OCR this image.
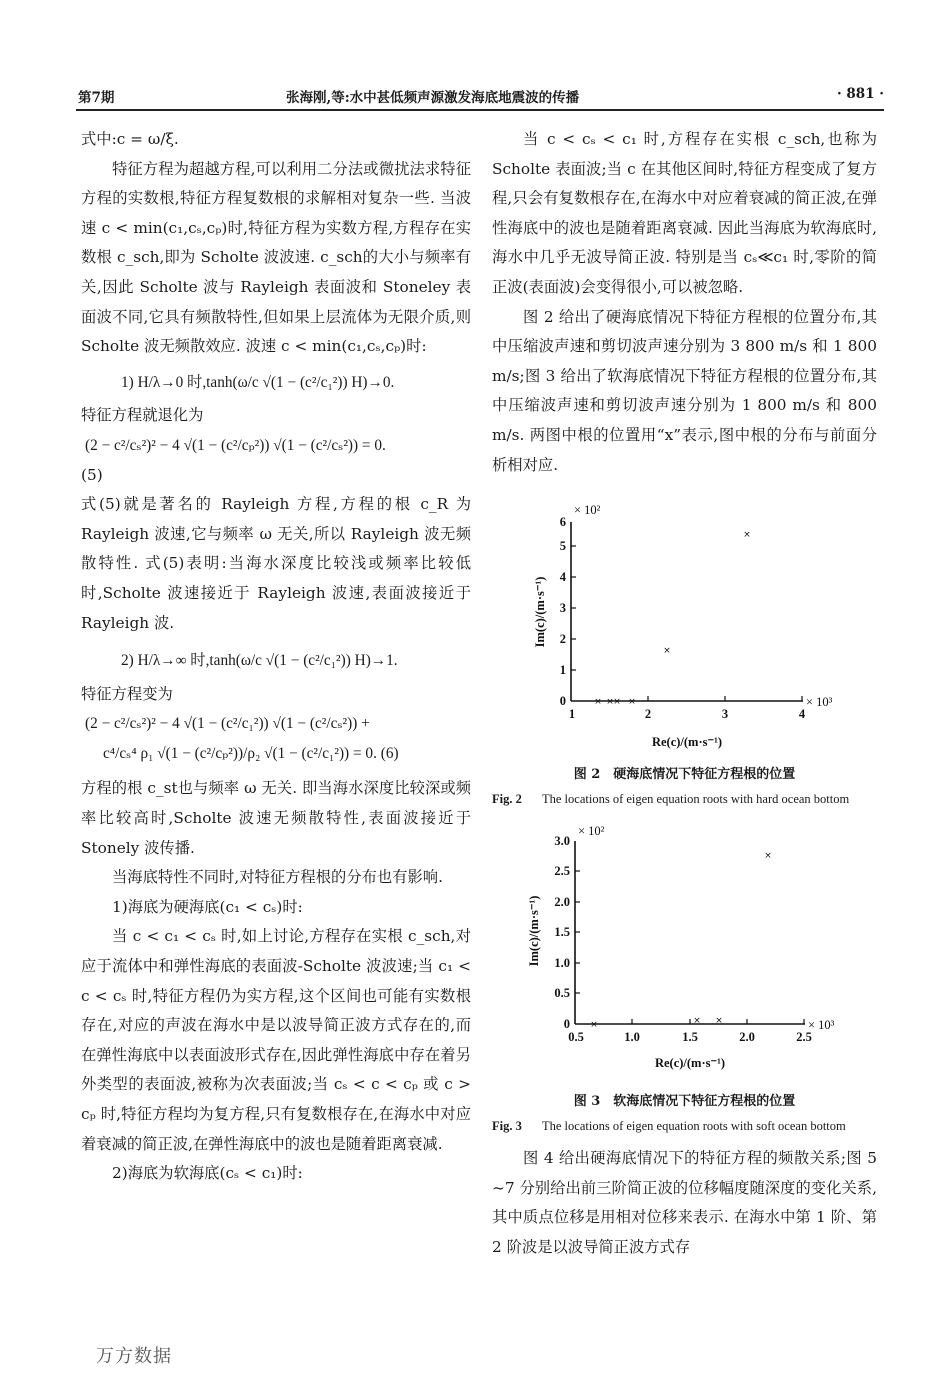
第7期	张海刚,等:水中甚低频声源激发海底地震波的传播	· 881 ·

式中:c = ω/ξ.

特征方程为超越方程,可以利用二分法或微扰法求特征方程的实数根,特征方程复数根的求解相对复杂一些. 当波速 c < min(c₁,cₛ,cₚ)时,特征方程为实数方程,方程存在实数根 c_sch,即为 Scholte 波波速. c_sch的大小与频率有关,因此 Scholte 波与 Rayleigh 表面波和 Stoneley 表面波不同,它具有频散特性,但如果上层流体为无限介质,则 Scholte 波无频散效应. 波速 c < min(c₁,cₛ,cₚ)时:

1) H/λ→0 时,tanh(ω/c √(1 − (c²/c₁²)) H)→0.

特征方程就退化为

(2 − c²/cₛ²)² − 4 √(1 − (c²/cₚ²)) √(1 − (c²/cₛ²)) = 0.

(5)

式(5)就是著名的 Rayleigh 方程,方程的根 c_R 为 Rayleigh 波速,它与频率 ω 无关,所以 Rayleigh 波无频散特性. 式(5)表明:当海水深度比较浅或频率比较低时,Scholte 波速接近于 Rayleigh 波速,表面波接近于 Rayleigh 波.

2) H/λ→∞ 时,tanh(ω/c √(1 − (c²/c₁²)) H)→1.

特征方程变为

(2 − c²/cₛ²)² − 4 √(1 − (c²/c₁²)) √(1 − (c²/cₛ²)) +

c⁴/cₛ⁴ ρ₁ √(1 − (c²/cₚ²))/ρ₂ √(1 − (c²/c₁²)) = 0. (6)

方程的根 c_st也与频率 ω 无关. 即当海水深度比较深或频率比较高时,Scholte 波速无频散特性,表面波接近于 Stonely 波传播.

当海底特性不同时,对特征方程根的分布也有影响.

1)海底为硬海底(c₁ < cₛ)时:

当 c < c₁ < cₛ 时,如上讨论,方程存在实根 c_sch,对应于流体中和弹性海底的表面波-Scholte 波波速;当 c₁ < c < cₛ 时,特征方程仍为实方程,这个区间也可能有实数根存在,对应的声波在海水中是以波导简正波方式存在的,而在弹性海底中以表面波形式存在,因此弹性海底中存在着另外类型的表面波,被称为次表面波;当 cₛ < c < cₚ 或 c > cₚ 时,特征方程均为复方程,只有复数根存在,在海水中对应着衰减的简正波,在弹性海底中的波也是随着距离衰减.

2)海底为软海底(cₛ < c₁)时:

当 c < cₛ < c₁ 时,方程存在实根 c_sch,也称为 Scholte 表面波;当 c 在其他区间时,特征方程变成了复方程,只会有复数根存在,在海水中对应着衰减的简正波,在弹性海底中的波也是随着距离衰减. 因此当海底为软海底时,海水中几乎无波导简正波. 特别是当 cₛ≪c₁ 时,零阶的简正波(表面波)会变得很小,可以被忽略.

图 2 给出了硬海底情况下特征方程根的位置分布,其中压缩波声速和剪切波声速分别为 3 800 m/s 和 1 800 m/s;图 3 给出了软海底情况下特征方程根的位置分布,其中压缩波声速和剪切波声速分别为 1 800 m/s 和 800 m/s. 两图中根的位置用“x”表示,图中根的分布与前面分析相对应.

0
1
2
3
4
5
6
1	2	3	4
× 10²
× 10³
Re(c)/(m·s⁻¹)
Im(c)/(m·s⁻¹)
× × × ×
×
×
图 2　硬海底情况下特征方程根的位置
Fig. 2 The locations of eigen equation roots with hard ocean bottom
0
0.5
1.0
1.5
2.0
2.5
3.0
0.5	1.0	1.5	2.0	2.5
× 10²
× 10³
Re(c)/(m·s⁻¹)
Im(c)/(m·s⁻¹)
×	× ×
×
图 3　软海底情况下特征方程根的位置
Fig. 3 The locations of eigen equation roots with soft ocean bottom

图 4 给出硬海底情况下的特征方程的频散关系;图 5 ~7 分别给出前三阶简正波的位移幅度随深度的变化关系,其中质点位移是用相对位移来表示. 在海水中第 1 阶、第 2 阶波是以波导简正波方式存

万方数据
